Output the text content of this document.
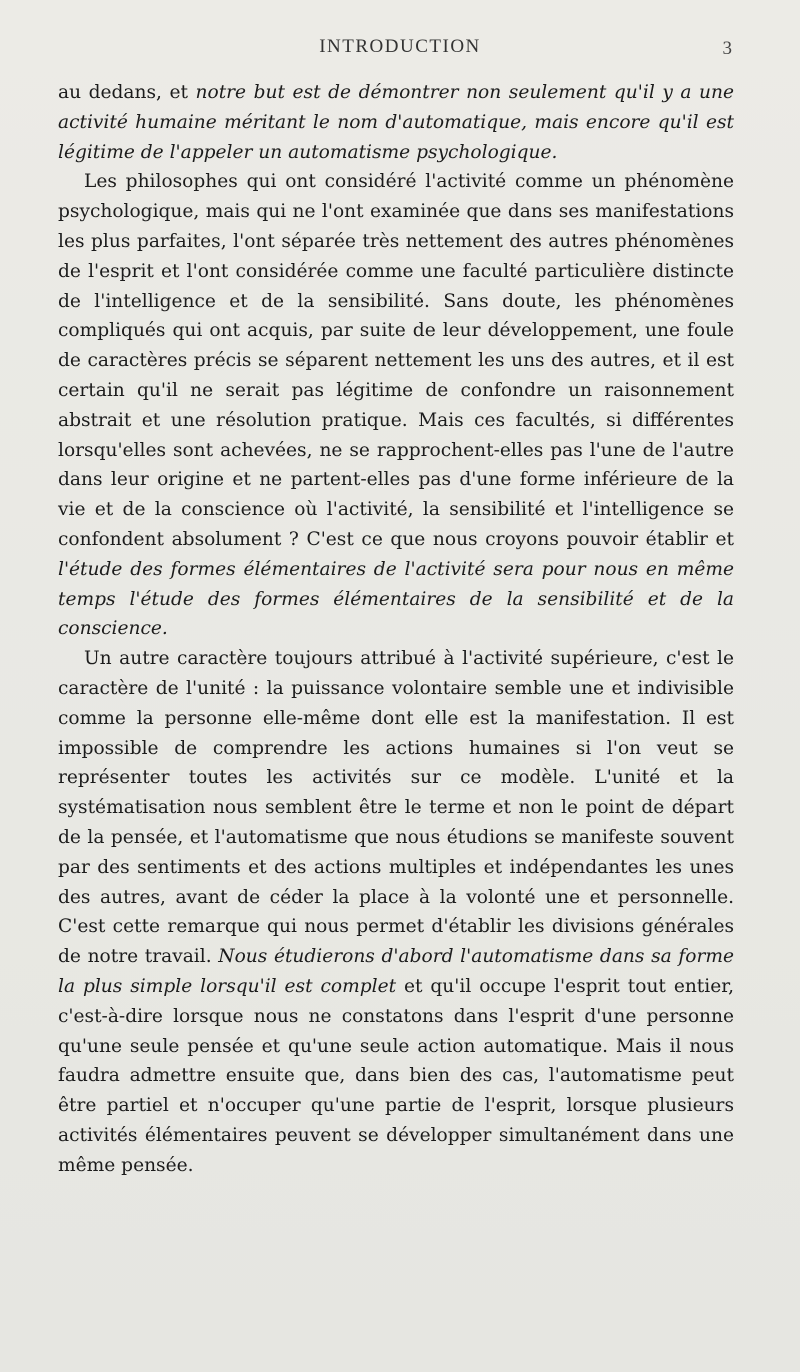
INTRODUCTION	3

au dedans, et notre but est de démontrer non seulement qu'il y a une activité humaine méritant le nom d'automatique, mais encore qu'il est légitime de l'appeler un automatisme psychologique.

Les philosophes qui ont considéré l'activité comme un phénomène psychologique, mais qui ne l'ont examinée que dans ses manifestations les plus parfaites, l'ont séparée très nettement des autres phénomènes de l'esprit et l'ont considérée comme une faculté particulière distincte de l'intelligence et de la sensibilité. Sans doute, les phénomènes compliqués qui ont acquis, par suite de leur développement, une foule de caractères précis se séparent nettement les uns des autres, et il est certain qu'il ne serait pas légitime de confondre un raisonnement abstrait et une résolution pratique. Mais ces facultés, si différentes lorsqu'elles sont achevées, ne se rapprochent-elles pas l'une de l'autre dans leur origine et ne partent-elles pas d'une forme inférieure de la vie et de la conscience où l'activité, la sensibilité et l'intelligence se confondent absolument ? C'est ce que nous croyons pouvoir établir et l'étude des formes élémentaires de l'activité sera pour nous en même temps l'étude des formes élémentaires de la sensibilité et de la conscience.

Un autre caractère toujours attribué à l'activité supérieure, c'est le caractère de l'unité : la puissance volontaire semble une et indivisible comme la personne elle-même dont elle est la manifestation. Il est impossible de comprendre les actions humaines si l'on veut se représenter toutes les activités sur ce modèle. L'unité et la systématisation nous semblent être le terme et non le point de départ de la pensée, et l'automatisme que nous étudions se manifeste souvent par des sentiments et des actions multiples et indépendantes les unes des autres, avant de céder la place à la volonté une et personnelle. C'est cette remarque qui nous permet d'établir les divisions générales de notre travail. Nous étudierons d'abord l'automatisme dans sa forme la plus simple lorsqu'il est complet et qu'il occupe l'esprit tout entier, c'est-à-dire lorsque nous ne constatons dans l'esprit d'une personne qu'une seule pensée et qu'une seule action automatique. Mais il nous faudra admettre ensuite que, dans bien des cas, l'automatisme peut être partiel et n'occuper qu'une partie de l'esprit, lorsque plusieurs activités élémentaires peuvent se développer simultanément dans une même pensée.
